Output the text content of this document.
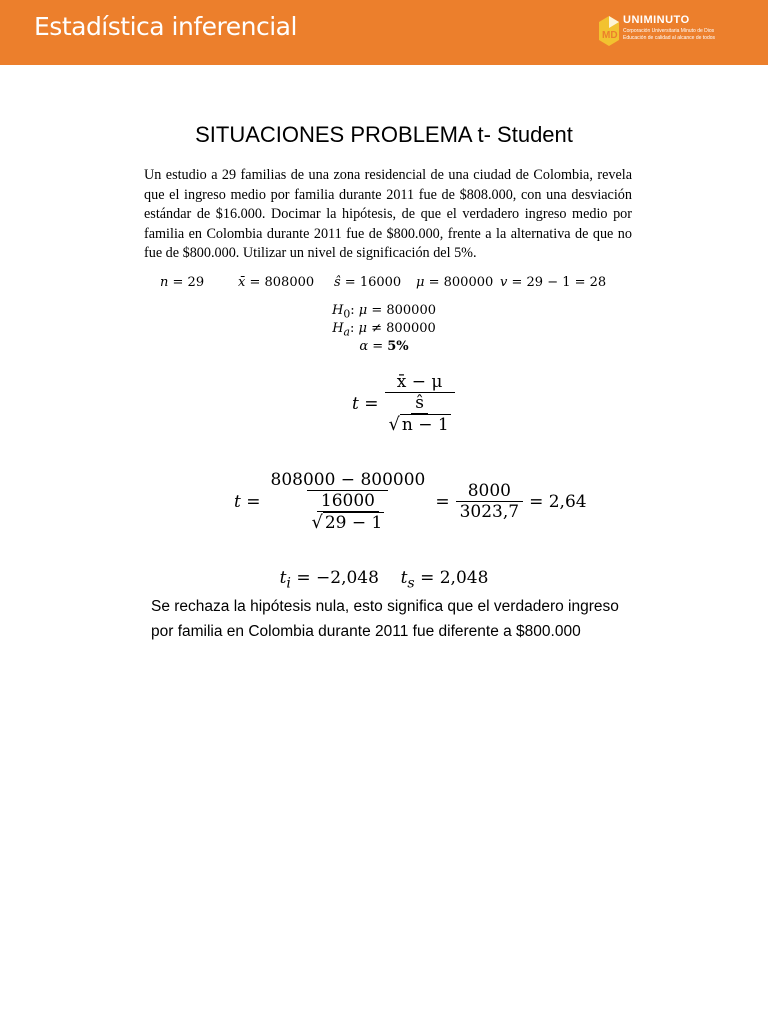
Estadística inferencial	MD
UNIMINUTO
Corporación Universitaria Minuto de Dios
Educación de calidad al alcance de todos
SITUACIONES PROBLEMA t- Student
Un estudio a 29 familias de una zona residencial de una ciudad de Colombia, revela que el ingreso medio por familia durante 2011 fue de $808.000, con una desviación estándar de $16.000. Docimar la hipótesis, de que el verdadero ingreso medio por familia en Colombia durante 2011 fue de $800.000, frente a la alternativa de que no fue de $800.000. Utilizar un nivel de significación del 5%.
n = 29	x̄ = 808000 ŝ = 16000 μ = 800000 v = 29 − 1 = 28
$H_0$: μ = 800000
$H_a$: μ ≠ 800000
α = 5%
t = x̄ − μ
ŝ
√ n − 1
t = 808000 − 800000
16000
√ $29 - 1 = \frac{8000}{3023,7} = 2,64$
$t_i = -2,048$ $t_s = 2,048$
Se rechaza la hipótesis nula, esto significa que el verdadero ingreso por familia en Colombia durante 2011 fue diferente a $800.000
